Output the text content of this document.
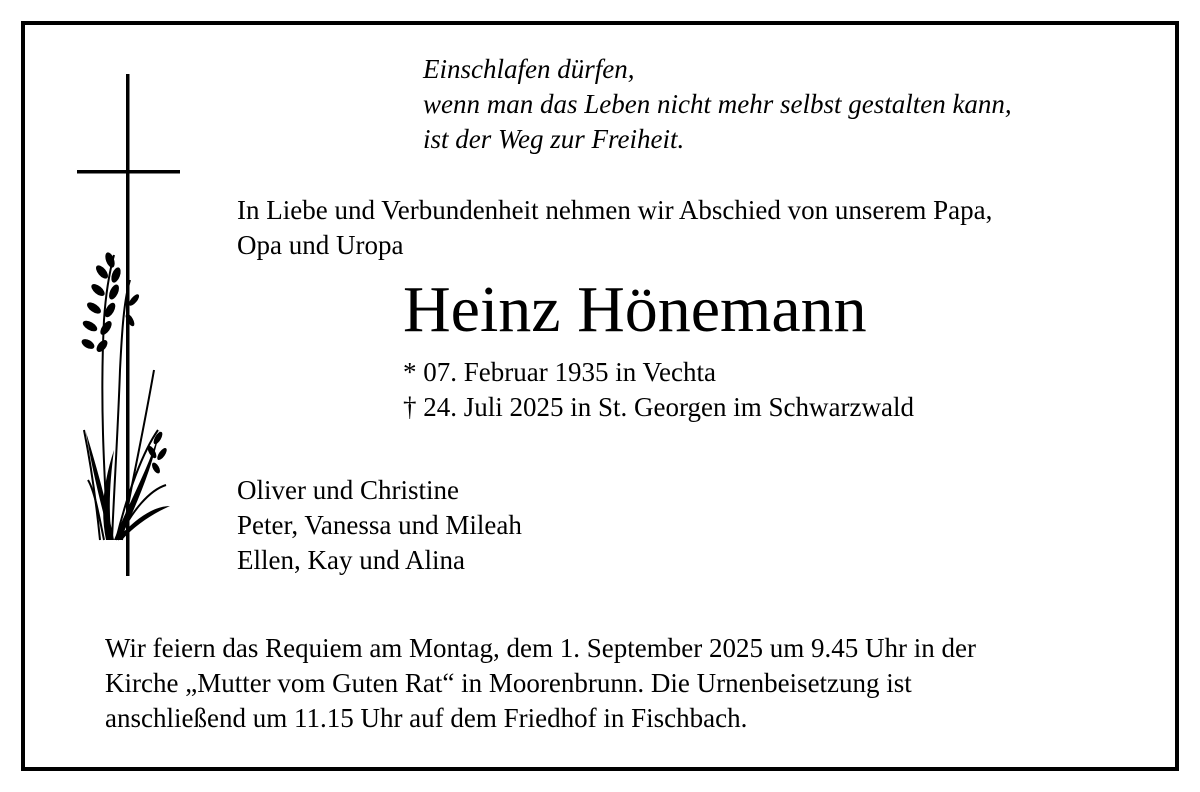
Einschlafen dürfen,
wenn man das Leben nicht mehr selbst gestalten kann,
ist der Weg zur Freiheit.
In Liebe und Verbundenheit nehmen wir Abschied von unserem Papa,
Opa und Uropa
Heinz Hönemann
* 07. Februar 1935 in Vechta
† 24. Juli 2025 in St. Georgen im Schwarzwald
Oliver und Christine
Peter, Vanessa und Mileah
Ellen, Kay und Alina
Wir feiern das Requiem am Montag, dem 1. September 2025 um 9.45 Uhr in der
Kirche „Mutter vom Guten Rat“ in Moorenbrunn. Die Urnenbeisetzung ist
anschließend um 11.15 Uhr auf dem Friedhof in Fischbach.
